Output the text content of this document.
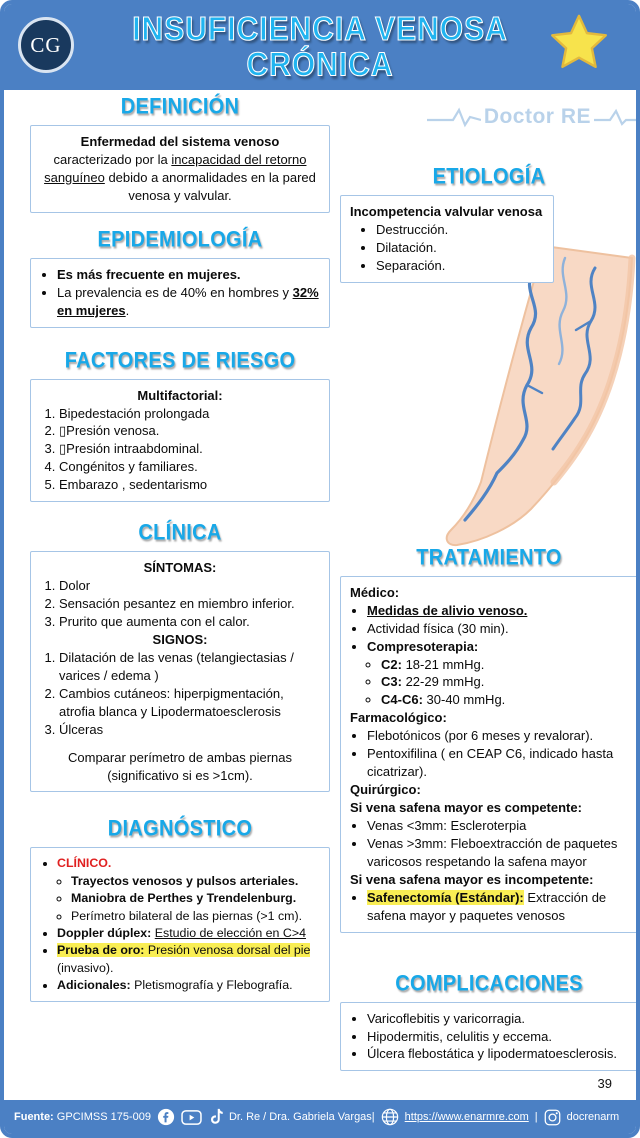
CG	INSUFICIENCIA VENOSA
CRÓNICA
DEFINICIÓN
Enfermedad del sistema venoso
caracterizado por la incapacidad del retorno sanguíneo debido a anormalidades en la pared venosa y valvular.
EPIDEMIOLOGÍA
• Es más frecuente en mujeres.
• La prevalencia es de 40% en hombres y 32% en mujeres.
FACTORES DE RIESGO
Multifactorial:
1. Bipedestación prolongada
2. ▯Presión venosa.
3. ▯Presión intraabdominal.
4. Congénitos y familiares.
5. Embarazo , sedentarismo
CLÍNICA
SÍNTOMAS:
1. Dolor
2. Sensación pesantez en miembro inferior.
3. Prurito que aumenta con el calor.
SIGNOS:
1. Dilatación de las venas (telangiectasias / varices / edema )
2. Cambios cutáneos: hiperpigmentación, atrofia blanca y Lipodermatoesclerosis
3. Úlceras
Comparar perímetro de ambas piernas
(significativo si es >1cm).
DIAGNÓSTICO
• CLÍNICO.
◦ Trayectos venosos y pulsos arteriales.
◦ Maniobra de Perthes y Trendelenburg.
◦ Perímetro bilateral de las piernas (>1 cm).
• Doppler dúplex: Estudio de elección en C>4
• Prueba de oro: Presión venosa dorsal del pie (invasivo).
• Adicionales: Pletismografía y Flebografía.
Doctor RE
ETIOLOGÍA
Incompetencia valvular venosa
• Destrucción.
• Dilatación.
• Separación.
TRATAMIENTO
Médico:
• Medidas de alivio venoso.
• Actividad física (30 min).
• Compresoterapia:
◦ C2: 18-21 mmHg.
◦ C3: 22-29 mmHg.
◦ C4-C6: 30-40 mmHg.
Farmacológico:
• Flebotónicos (por 6 meses y revalorar).
• Pentoxifilina ( en CEAP C6, indicado hasta cicatrizar).
Quirúrgico:
Si vena safena mayor es competente:
• Venas <3mm: Escleroterpia
• Venas >3mm: Fleboextracción de paquetes varicosos respetando la safena mayor
Si vena safena mayor es incompetente:
• Safenectomía (Estándar): Extracción de safena mayor y paquetes venosos
COMPLICACIONES
• Varicoflebitis y varicorragia.
• Hipodermitis, celulitis y eccema.
• Úlcera flebostática y lipodermatoesclerosis.
39
Fuente: GPCIMSS 175-009	Dr. Re / Dra. Gabriela Vargas|	https://www.enarmre.com |	docrenarm
